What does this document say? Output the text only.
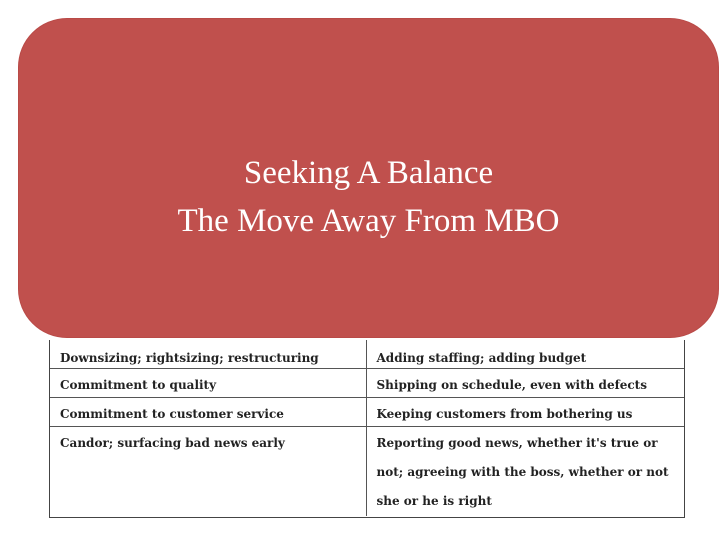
Seeking A Balance
The Move Away From MBO
Downsizing; rightsizing; restructuring	Adding staffing; adding budget
Commitment to quality	Shipping on schedule, even with defects
Commitment to customer service	Keeping customers from bothering us
Candor; surfacing bad news early	Reporting good news, whether it's true or not; agreeing with the boss, whether or not she or he is right
